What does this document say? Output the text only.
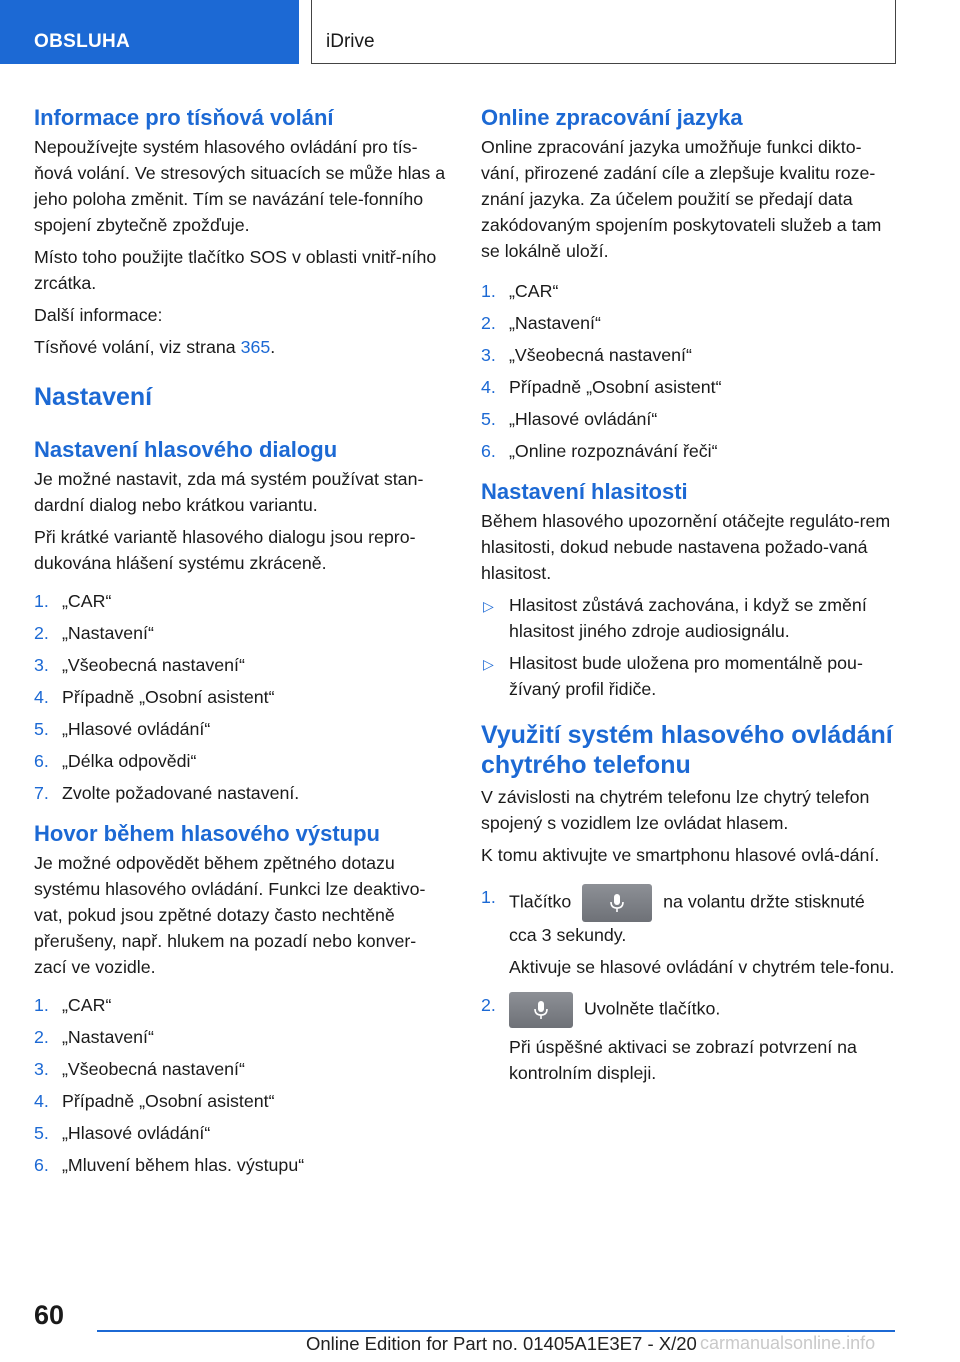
OBSLUHA	iDrive
Informace pro tísňová volání

Nepoužívejte systém hlasového ovládání pro tís-ňová volání. Ve stresových situacích se může hlas a jeho poloha změnit. Tím se navázání tele-fonního spojení zbytečně zpožďuje.

Místo toho použijte tlačítko SOS v oblasti vnitř-ního zrcátka.

Další informace:

Tísňové volání, viz strana 365.

Nastavení
Nastavení hlasového dialogu

Je možné nastavit, zda má systém používat stan-dardní dialog nebo krátkou variantu.

Při krátké variantě hlasového dialogu jsou repro-dukována hlášení systému zkráceně.

1. „CAR“
2. „Nastavení“
3. „Všeobecná nastavení“
4. Případně „Osobní asistent“
5. „Hlasové ovládání“
6. „Délka odpovědi“
7. Zvolte požadované nastavení.
Hovor během hlasového výstupu

Je možné odpovědět během zpětného dotazu systému hlasového ovládání. Funkci lze deaktivo-vat, pokud jsou zpětné dotazy často nechtěně přerušeny, např. hlukem na pozadí nebo konver-zací ve vozidle.

1. „CAR“
2. „Nastavení“
3. „Všeobecná nastavení“
4. Případně „Osobní asistent“
5. „Hlasové ovládání“
6. „Mluvení během hlas. výstupu“
Online zpracování jazyka

Online zpracování jazyka umožňuje funkci dikto-vání, přirozené zadání cíle a zlepšuje kvalitu roze-znání jazyka. Za účelem použití se předají data zakódovaným spojením poskytovateli služeb a tam se lokálně uloží.

1. „CAR“
2. „Nastavení“
3. „Všeobecná nastavení“
4. Případně „Osobní asistent“
5. „Hlasové ovládání“
6. „Online rozpoznávání řeči“
Nastavení hlasitosti

Během hlasového upozornění otáčejte reguláto-rem hlasitosti, dokud nebude nastavena požado-vaná hlasitost.

▷ Hlasitost zůstává zachována, i když se změní hlasitost jiného zdroje audiosignálu.
▷ Hlasitost bude uložena pro momentálně pou-žívaný profil řidiče.
Využití systém hlasového ovládání chytrého telefonu

V závislosti na chytrém telefonu lze chytrý telefon spojený s vozidlem lze ovládat hlasem.

K tomu aktivujte ve smartphonu hlasové ovlá-dání.

1. Tlačítko	na volantu držte stisknuté cca 3 sekundy.

Aktivuje se hlasové ovládání v chytrém tele-fonu.

2.	Uvolněte tlačítko.

Při úspěšné aktivaci se zobrazí potvrzení na kontrolním displeji.

60
Online Edition for Part no. 01405A1E3E7 - X/20 carmanualsonline.info
